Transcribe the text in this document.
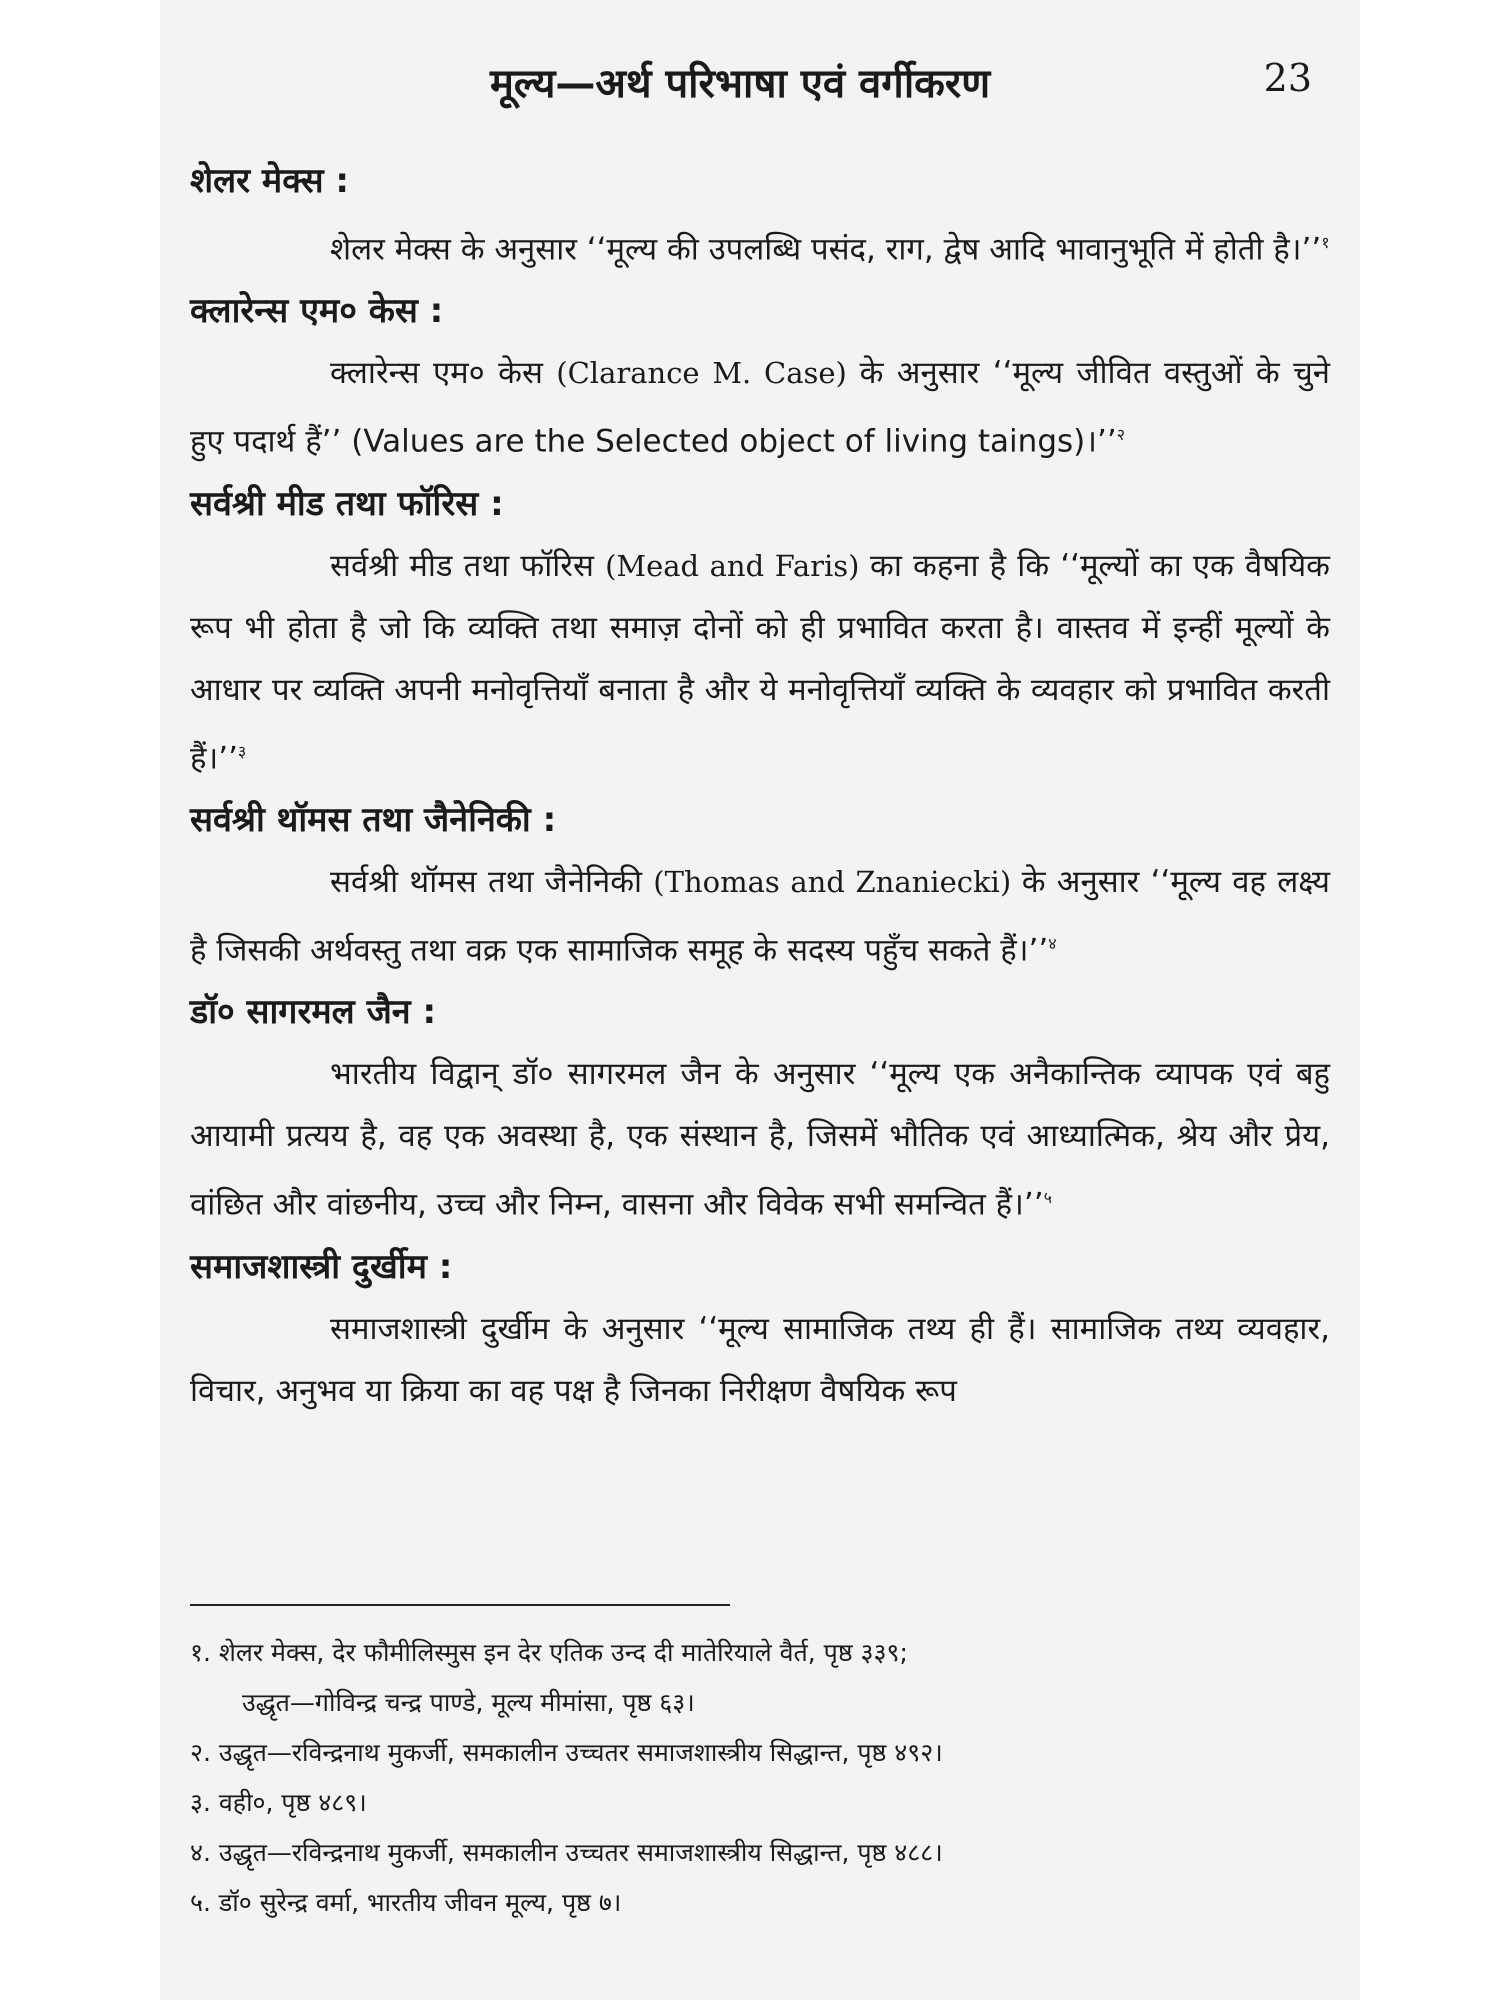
मूल्य—अर्थ परिभाषा एवं वर्गीकरण	23

शेलर मेक्स :

शेलर मेक्स के अनुसार ‘‘मूल्य की उपलब्धि पसंद, राग, द्वेष आदि भावानुभूति में होती है।’’$^१$

क्लारेन्स एम० केस :

क्लारेन्स एम० केस (Clarance M. Case) के अनुसार ‘‘मूल्य जीवित वस्तुओं के चुने हुए पदार्थ हैं’’ (Values are the Selected object of living taings)।’’$^२$

सर्वश्री मीड तथा फॉरिस :

सर्वश्री मीड तथा फॉरिस (Mead and Faris) का कहना है कि ‘‘मूल्यों का एक वैषयिक रूप भी होता है जो कि व्यक्ति तथा समाज़ दोनों को ही प्रभावित करता है। वास्तव में इन्हीं मूल्यों के आधार पर व्यक्ति अपनी मनोवृत्तियाँ बनाता है और ये मनोवृत्तियाँ व्यक्ति के व्यवहार को प्रभावित करती हैं।’’$^३$

सर्वश्री थॉमस तथा जैनेनिकी :

सर्वश्री थॉमस तथा जैनेनिकी (Thomas and Znaniecki) के अनुसार ‘‘मूल्य वह लक्ष्य है जिसकी अर्थवस्तु तथा वक्र एक सामाजिक समूह के सदस्य पहुँच सकते हैं।’’$^४$

डॉ० सागरमल जैन :

भारतीय विद्वान् डॉ० सागरमल जैन के अनुसार ‘‘मूल्य एक अनैकान्तिक व्यापक एवं बहु आयामी प्रत्यय है, वह एक अवस्था है, एक संस्थान है, जिसमें भौतिक एवं आध्यात्मिक, श्रेय और प्रेय, वांछित और वांछनीय, उच्च और निम्न, वासना और विवेक सभी समन्वित हैं।’’$^५$

समाजशास्त्री दुर्खीम :

समाजशास्त्री दुर्खीम के अनुसार ‘‘मूल्य सामाजिक तथ्य ही हैं। सामाजिक तथ्य व्यवहार, विचार, अनुभव या क्रिया का वह पक्ष है जिनका निरीक्षण वैषयिक रूप

१. शेलर मेक्स, देर फौमीलिस्मुस इन देर एतिक उन्द दी मातेरियाले वैर्त, पृष्ठ ३३९;

उद्धृत—गोविन्द्र चन्द्र पाण्डे, मूल्य मीमांसा, पृष्ठ ६३।

२. उद्धृत—रविन्द्रनाथ मुकर्जी, समकालीन उच्चतर समाजशास्त्रीय सिद्धान्त, पृष्ठ ४९२।

३. वही०, पृष्ठ ४८९।

४. उद्धृत—रविन्द्रनाथ मुकर्जी, समकालीन उच्चतर समाजशास्त्रीय सिद्धान्त, पृष्ठ ४८८।

५. डॉ० सुरेन्द्र वर्मा, भारतीय जीवन मूल्य, पृष्ठ ७।
